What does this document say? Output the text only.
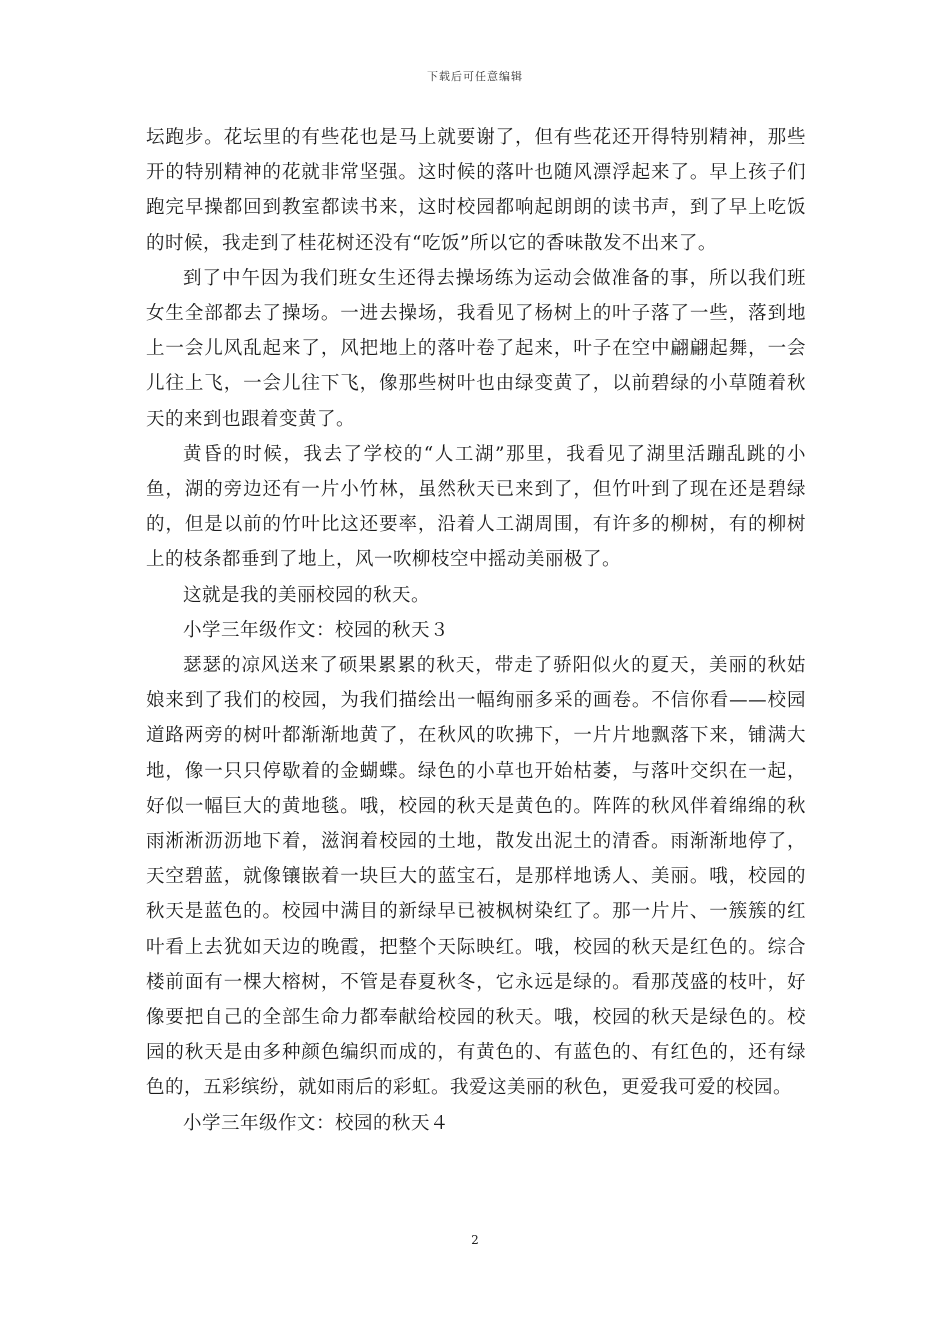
下载后可任意编辑

坛跑步。花坛里的有些花也是马上就要谢了，但有些花还开得特别精神，那些开的特别精神的花就非常坚强。这时候的落叶也随风漂浮起来了。早上孩子们跑完早操都回到教室都读书来，这时校园都响起朗朗的读书声，到了早上吃饭的时候，我走到了桂花树还没有“吃饭”所以它的香味散发不出来了。

到了中午因为我们班女生还得去操场练为运动会做准备的事，所以我们班女生全部都去了操场。一进去操场，我看见了杨树上的叶子落了一些，落到地上一会儿风乱起来了，风把地上的落叶卷了起来，叶子在空中翩翩起舞，一会儿往上飞，一会儿往下飞，像那些树叶也由绿变黄了，以前碧绿的小草随着秋天的来到也跟着变黄了。

黄昏的时候，我去了学校的“人工湖”那里，我看见了湖里活蹦乱跳的小鱼，湖的旁边还有一片小竹林，虽然秋天已来到了，但竹叶到了现在还是碧绿的，但是以前的竹叶比这还要率，沿着人工湖周围，有许多的柳树，有的柳树上的枝条都垂到了地上，风一吹柳枝空中摇动美丽极了。

这就是我的美丽校园的秋天。

小学三年级作文：校园的秋天３

瑟瑟的凉风送来了硕果累累的秋天，带走了骄阳似火的夏天，美丽的秋姑娘来到了我们的校园，为我们描绘出一幅绚丽多采的画卷。不信你看——校园道路两旁的树叶都渐渐地黄了，在秋风的吹拂下，一片片地飘落下来，铺满大地，像一只只停歇着的金蝴蝶。绿色的小草也开始枯萎，与落叶交织在一起，好似一幅巨大的黄地毯。哦，校园的秋天是黄色的。阵阵的秋风伴着绵绵的秋雨淅淅沥沥地下着，滋润着校园的土地，散发出泥土的清香。雨渐渐地停了，天空碧蓝，就像镶嵌着一块巨大的蓝宝石，是那样地诱人、美丽。哦，校园的秋天是蓝色的。校园中满目的新绿早已被枫树染红了。那一片片、一簇簇的红叶看上去犹如天边的晚霞，把整个天际映红。哦，校园的秋天是红色的。综合楼前面有一棵大榕树，不管是春夏秋冬，它永远是绿的。看那茂盛的枝叶，好像要把自己的全部生命力都奉献给校园的秋天。哦，校园的秋天是绿色的。校园的秋天是由多种颜色编织而成的，有黄色的、有蓝色的、有红色的，还有绿色的，五彩缤纷，就如雨后的彩虹。我爱这美丽的秋色，更爱我可爱的校园。

小学三年级作文：校园的秋天４

2
